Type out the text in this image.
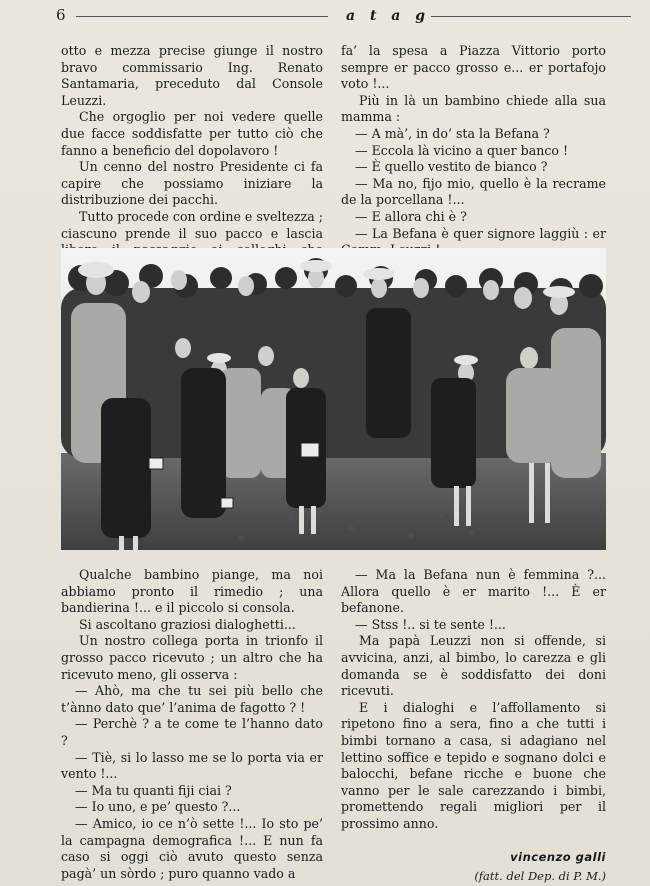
6	a t a g

otto e mezza precise giunge il nostro bravo commissario Ing. Renato Santamaria, preceduto dal Console Leuzzi.

Che orgoglio per noi vedere quelle due facce soddisfatte per tutto ciò che fanno a beneficio del dopolavoro !

Un cenno del nostro Presidente ci fa capire che possiamo iniziare la distribuzione dei pacchi.

Tutto procede con ordine e sveltezza ; ciascuno prende il suo pacco e lascia

fa’ la spesa a Piazza Vittorio porto sempre er pacco grosso e... er portafojo voto !...

Più in là un bambino chiede alla sua mamma :

— A mà’, in do’ sta la Befana ?

— Eccola là vicino a quer banco !

— È quello vestito de bianco ?

— Ma no, fijo mio, quello è la recrame de la porcellana !...

— E allora chi è ?

— La Befana è quer signore laggiù : er

Qualche bambino piange, ma noi abbiamo pronto il rimedio ; una bandierina !... e il piccolo si consola.

Si ascoltano graziosi dialoghetti...

Un nostro collega porta in trionfo il grosso pacco ricevuto ; un altro che ha ricevuto meno, gli osserva :

— Ahò, ma che tu sei più bello che t’ànno dato que’ l’anima de fagotto ? !

— Perchè ? a te come te l’hanno dato ?

— Tiè, si lo lasso me se lo porta via er vento !...

— Ma tu quanti fiji ciai ?

— Io uno, e pe’ questo ?...

— Amico, io ce n’ò sette !... Io sto pe’ la campagna demografica !... E nun fa caso si oggi ciò avuto questo senza pagà’ un sòrdo ; puro quanno vado a

— Ma la Befana nun è femmina ?... Allora quello è er marito !... È er befanone.

— Stss !.. si te sente !...

Ma papà Leuzzi non si offende, si avvicina, anzi, al bimbo, lo carezza e gli domanda se è soddisfatto dei doni ricevuti.

E i dialoghi e l’affollamento si ripetono fino a sera, fino a che tutti i bimbi tornano a casa, si adagiano nel lettino soffice e tepido e sognano dolci e balocchi, befane ricche e buone che vanno per le sale carezzando i bimbi, promettendo regali migliori per il prossimo anno.

vincenzo galli
(fatt. del Dep. di P. M.)
